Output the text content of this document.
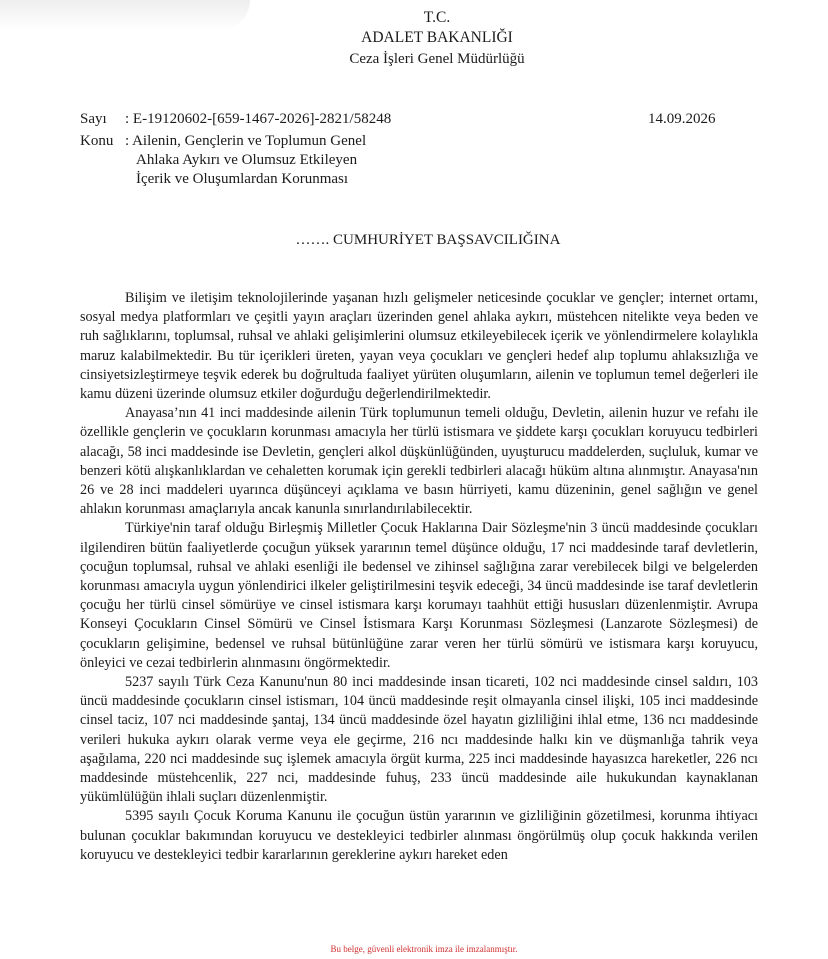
T.C.
ADALET BAKANLIĞI
Ceza İşleri Genel Müdürlüğü
Sayı : E-19120602-[659-1467-2026]-2821/58248
Konu : Ailenin, Gençlerin ve Toplumun Genel
Ahlaka Aykırı ve Olumsuz Etkileyen
İçerik ve Oluşumlardan Korunması
14.09.2026
……. CUMHURİYET BAŞSAVCILIĞINA

Bilişim ve iletişim teknolojilerinde yaşanan hızlı gelişmeler neticesinde çocuklar ve gençler; internet ortamı, sosyal medya platformları ve çeşitli yayın araçları üzerinden genel ahlaka aykırı, müstehcen nitelikte veya beden ve ruh sağlıklarını, toplumsal, ruhsal ve ahlaki gelişimlerini olumsuz etkileyebilecek içerik ve yönlendirmelere kolaylıkla maruz kalabilmektedir. Bu tür içerikleri üreten, yayan veya çocukları ve gençleri hedef alıp toplumu ahlaksızlığa ve cinsiyetsizleştirmeye teşvik ederek bu doğrultuda faaliyet yürüten oluşumların, ailenin ve toplumun temel değerleri ile kamu düzeni üzerinde olumsuz etkiler doğurduğu değerlendirilmektedir.

Anayasa’nın 41 inci maddesinde ailenin Türk toplumunun temeli olduğu, Devletin, ailenin huzur ve refahı ile özellikle gençlerin ve çocukların korunması amacıyla her türlü istismara ve şiddete karşı çocukları koruyucu tedbirleri alacağı, 58 inci maddesinde ise Devletin, gençleri alkol düşkünlüğünden, uyuşturucu maddelerden, suçluluk, kumar ve benzeri kötü alışkanlıklardan ve cehaletten korumak için gerekli tedbirleri alacağı hüküm altına alınmıştır. Anayasa'nın 26 ve 28 inci maddeleri uyarınca düşünceyi açıklama ve basın hürriyeti, kamu düzeninin, genel sağlığın ve genel ahlakın korunması amaçlarıyla ancak kanunla sınırlandırılabilecektir.

Türkiye'nin taraf olduğu Birleşmiş Milletler Çocuk Haklarına Dair Sözleşme'nin 3 üncü maddesinde çocukları ilgilendiren bütün faaliyetlerde çocuğun yüksek yararının temel düşünce olduğu, 17 nci maddesinde taraf devletlerin, çocuğun toplumsal, ruhsal ve ahlaki esenliği ile bedensel ve zihinsel sağlığına zarar verebilecek bilgi ve belgelerden korunması amacıyla uygun yönlendirici ilkeler geliştirilmesini teşvik edeceği, 34 üncü maddesinde ise taraf devletlerin çocuğu her türlü cinsel sömürüye ve cinsel istismara karşı korumayı taahhüt ettiği hususları düzenlenmiştir. Avrupa Konseyi Çocukların Cinsel Sömürü ve Cinsel İstismara Karşı Korunması Sözleşmesi (Lanzarote Sözleşmesi) de çocukların gelişimine, bedensel ve ruhsal bütünlüğüne zarar veren her türlü sömürü ve istismara karşı koruyucu, önleyici ve cezai tedbirlerin alınmasını öngörmektedir.

5237 sayılı Türk Ceza Kanunu'nun 80 inci maddesinde insan ticareti, 102 nci maddesinde cinsel saldırı, 103 üncü maddesinde çocukların cinsel istismarı, 104 üncü maddesinde reşit olmayanla cinsel ilişki, 105 inci maddesinde cinsel taciz, 107 nci maddesinde şantaj, 134 üncü maddesinde özel hayatın gizliliğini ihlal etme, 136 ncı maddesinde verileri hukuka aykırı olarak verme veya ele geçirme, 216 ncı maddesinde halkı kin ve düşmanlığa tahrik veya aşağılama, 220 nci maddesinde suç işlemek amacıyla örgüt kurma, 225 inci maddesinde hayasızca hareketler, 226 ncı maddesinde müstehcenlik, 227 nci, maddesinde fuhuş, 233 üncü maddesinde aile hukukundan kaynaklanan yükümlülüğün ihlali suçları düzenlenmiştir.

5395 sayılı Çocuk Koruma Kanunu ile çocuğun üstün yararının ve gizliliğinin gözetilmesi, korunma ihtiyacı bulunan çocuklar bakımından koruyucu ve destekleyici tedbirler alınması öngörülmüş olup çocuk hakkında verilen koruyucu ve destekleyici tedbir kararlarının gereklerine aykırı hareket eden

Bu belge, güvenli elektronik imza ile imzalanmıştır.
